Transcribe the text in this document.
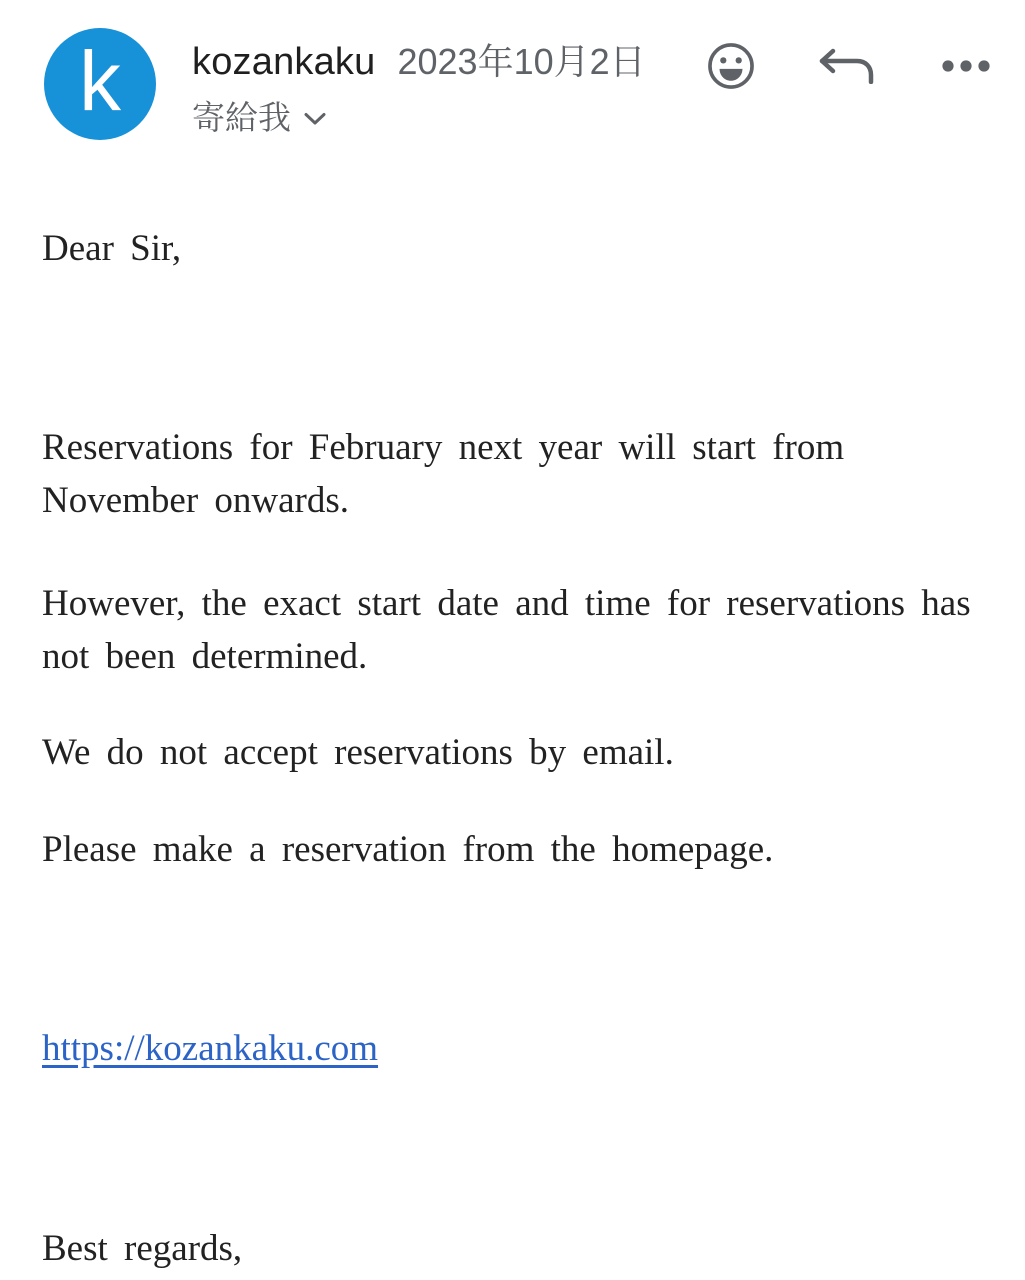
k kozankaku 2023年10月2日
寄給我

Dear Sir,

Reservations for February next year will start from November onwards.

However, the exact start date and time for reservations has not been determined.

We do not accept reservations by email.

Please make a reservation from the homepage.

https://kozankaku.com

Best regards,
